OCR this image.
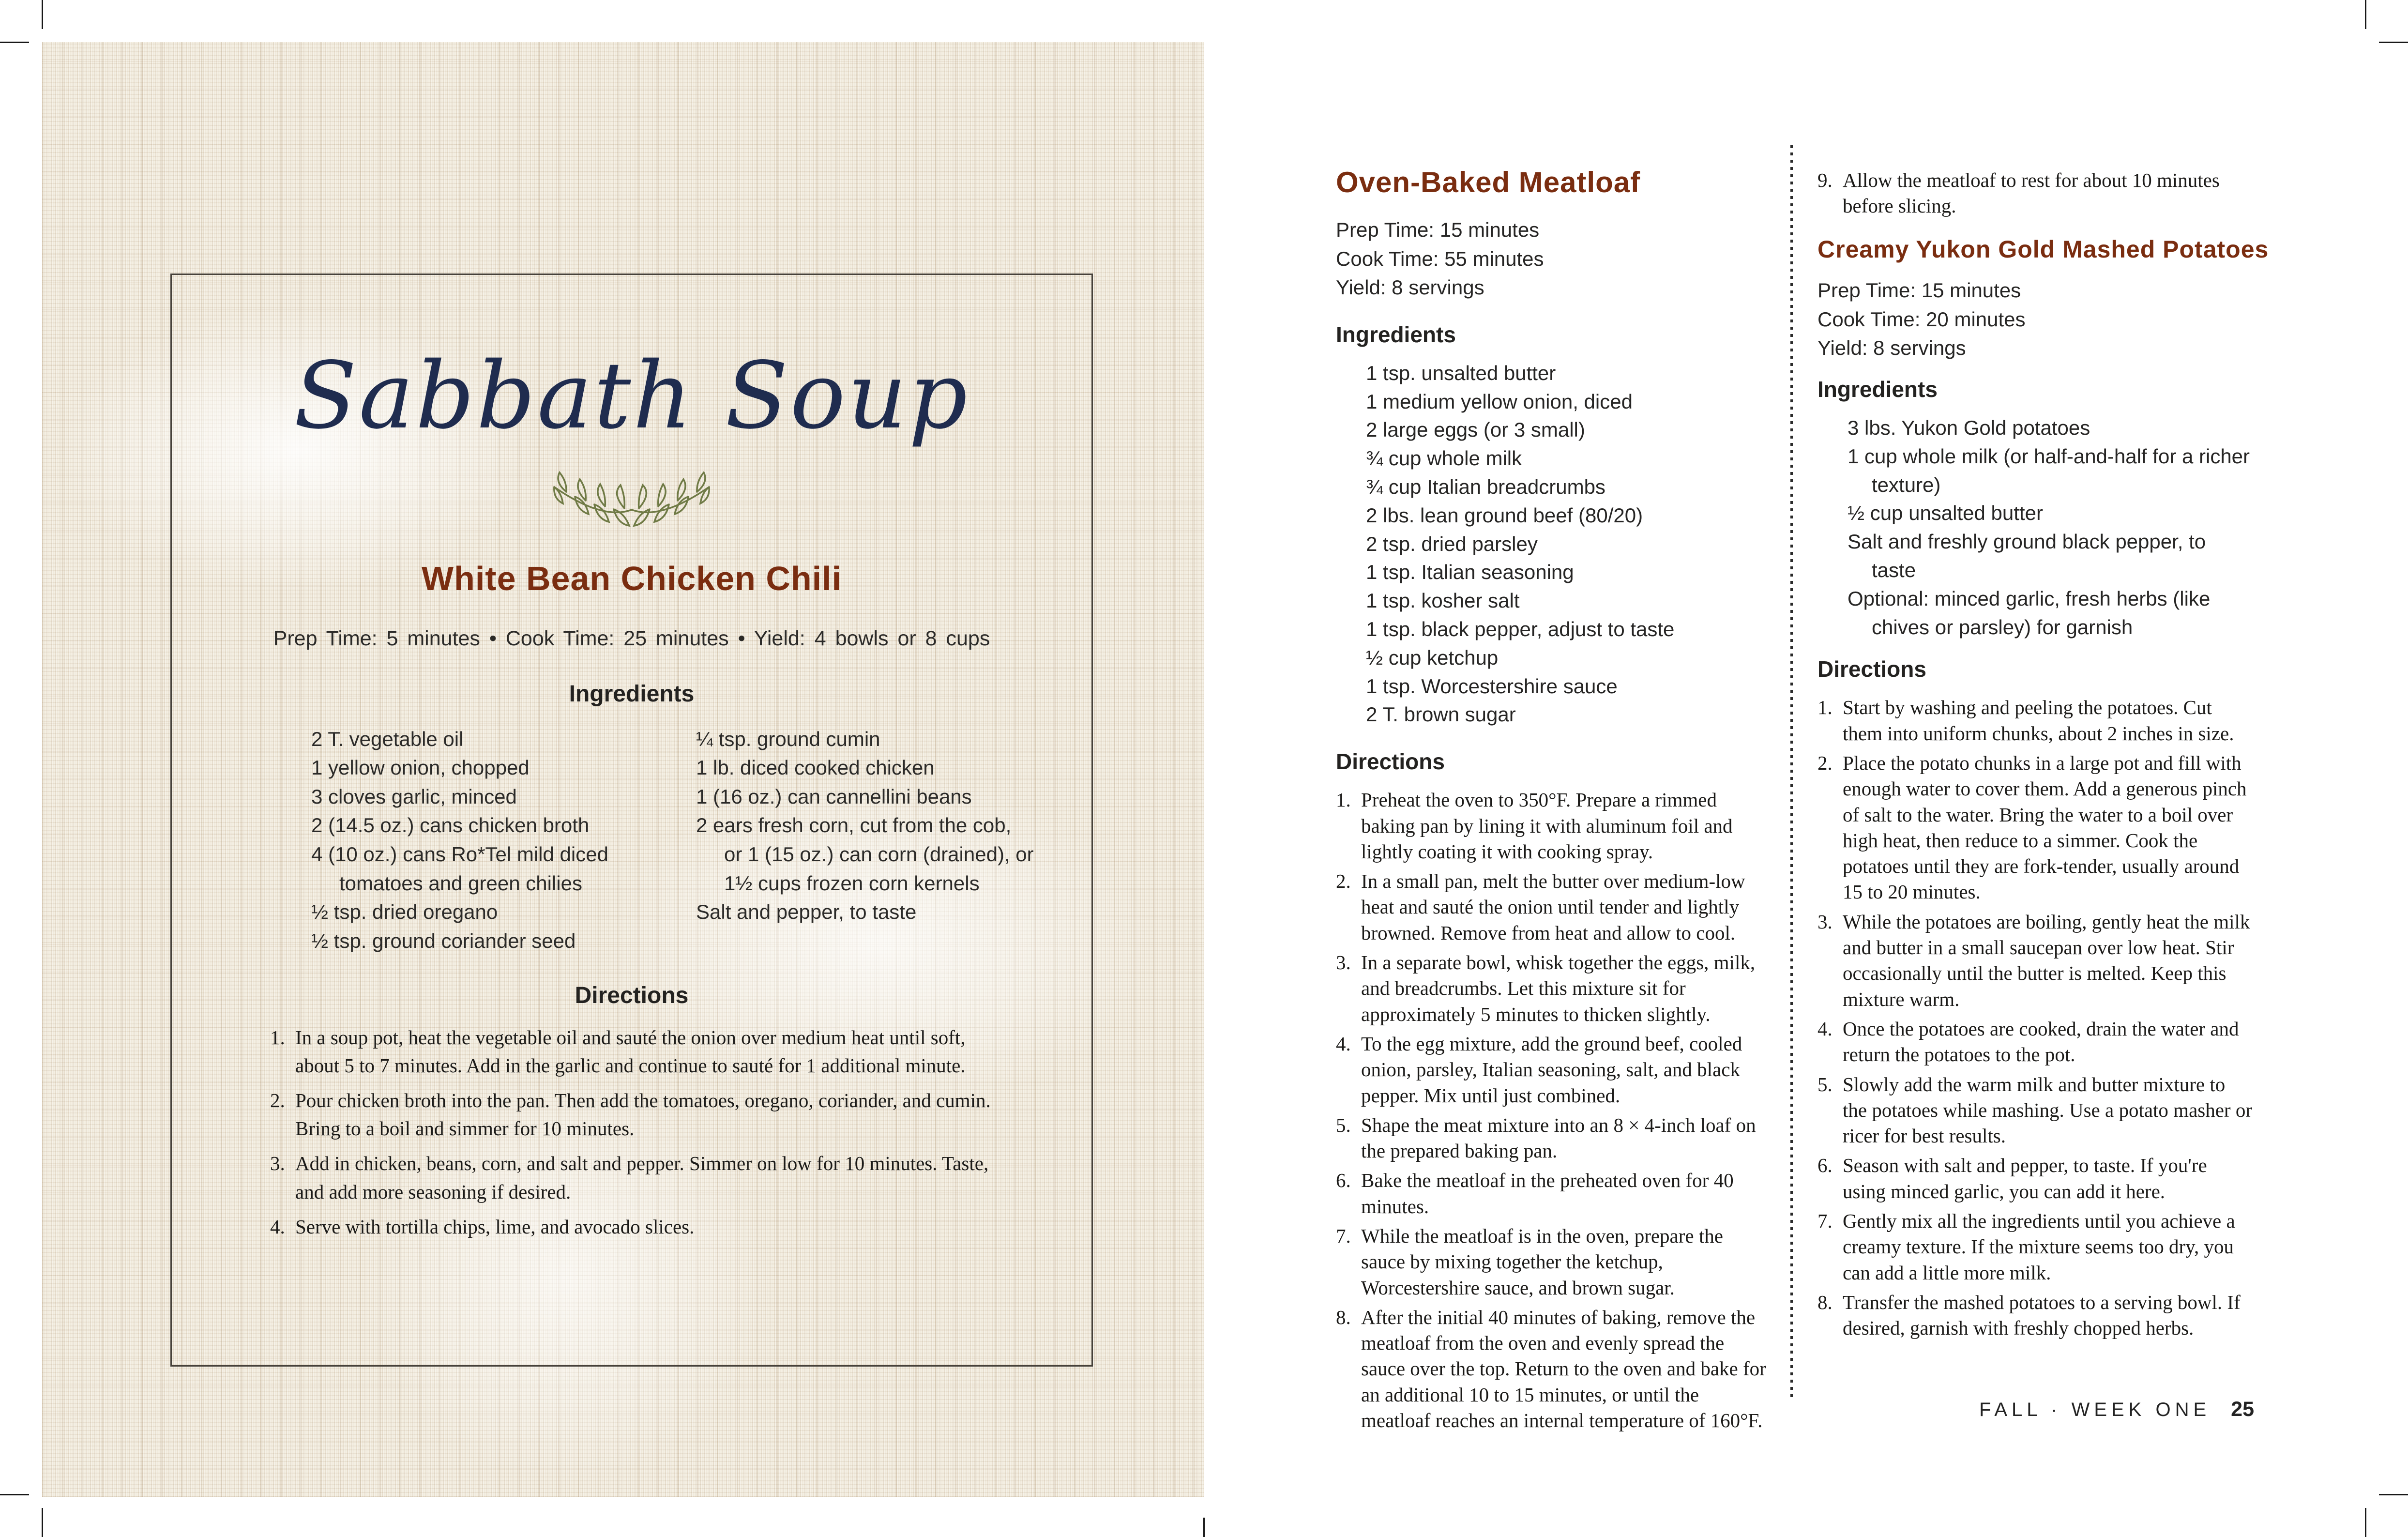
Sabbath Soup
White Bean Chicken Chili
Prep Time: 5 minutes • Cook Time: 25 minutes • Yield: 4 bowls or 8 cups
Ingredients
2 T. vegetable oil
1 yellow onion, chopped
3 cloves garlic, minced
2 (14.5 oz.) cans chicken broth
4 (10 oz.) cans Ro*Tel mild diced tomatoes and green chilies
½ tsp. dried oregano
½ tsp. ground coriander seed
¼ tsp. ground cumin
1 lb. diced cooked chicken
1 (16 oz.) can cannellini beans
2 ears fresh corn, cut from the cob, or 1 (15 oz.) can corn (drained), or 1½ cups frozen corn kernels
Salt and pepper, to taste
Directions
1. In a soup pot, heat the vegetable oil and sauté the onion over medium heat until soft, about 5 to 7 minutes. Add in the garlic and continue to sauté for 1 additional minute.
2. Pour chicken broth into the pan. Then add the tomatoes, oregano, coriander, and cumin. Bring to a boil and simmer for 10 minutes.
3. Add in chicken, beans, corn, and salt and pepper. Simmer on low for 10 minutes. Taste, and add more seasoning if desired.
4. Serve with tortilla chips, lime, and avocado slices.
Oven-Baked Meatloaf
Prep Time: 15 minutes
Cook Time: 55 minutes
Yield: 8 servings
Ingredients
1 tsp. unsalted butter
1 medium yellow onion, diced
2 large eggs (or 3 small)
¾ cup whole milk
¾ cup Italian breadcrumbs
2 lbs. lean ground beef (80/20)
2 tsp. dried parsley
1 tsp. Italian seasoning
1 tsp. kosher salt
1 tsp. black pepper, adjust to taste
½ cup ketchup
1 tsp. Worcestershire sauce
2 T. brown sugar
Directions
1. Preheat the oven to 350°F. Prepare a rimmed baking pan by lining it with aluminum foil and lightly coating it with cooking spray.
2. In a small pan, melt the butter over medium-low heat and sauté the onion until tender and lightly browned. Remove from heat and allow to cool.
3. In a separate bowl, whisk together the eggs, milk, and breadcrumbs. Let this mixture sit for approximately 5 minutes to thicken slightly.
4. To the egg mixture, add the ground beef, cooled onion, parsley, Italian seasoning, salt, and black pepper. Mix until just combined.
5. Shape the meat mixture into an 8 × 4-inch loaf on the prepared baking pan.
6. Bake the meatloaf in the preheated oven for 40 minutes.
7. While the meatloaf is in the oven, prepare the sauce by mixing together the ketchup, Worcestershire sauce, and brown sugar.
8. After the initial 40 minutes of baking, remove the meatloaf from the oven and evenly spread the sauce over the top. Return to the oven and bake for an additional 10 to 15 minutes, or until the meatloaf reaches an internal temperature of 160°F.
9. Allow the meatloaf to rest for about 10 minutes before slicing.
Creamy Yukon Gold Mashed Potatoes
Prep Time: 15 minutes
Cook Time: 20 minutes
Yield: 8 servings
Ingredients
3 lbs. Yukon Gold potatoes
1 cup whole milk (or half-and-half for a richer texture)
½ cup unsalted butter
Salt and freshly ground black pepper, to taste
Optional: minced garlic, fresh herbs (like chives or parsley) for garnish
Directions
1. Start by washing and peeling the potatoes. Cut them into uniform chunks, about 2 inches in size.
2. Place the potato chunks in a large pot and fill with enough water to cover them. Add a generous pinch of salt to the water. Bring the water to a boil over high heat, then reduce to a simmer. Cook the potatoes until they are fork-tender, usually around 15 to 20 minutes.
3. While the potatoes are boiling, gently heat the milk and butter in a small saucepan over low heat. Stir occasionally until the butter is melted. Keep this mixture warm.
4. Once the potatoes are cooked, drain the water and return the potatoes to the pot.
5. Slowly add the warm milk and butter mixture to the potatoes while mashing. Use a potato masher or ricer for best results.
6. Season with salt and pepper, to taste. If you're using minced garlic, you can add it here.
7. Gently mix all the ingredients until you achieve a creamy texture. If the mixture seems too dry, you can add a little more milk.
8. Transfer the mashed potatoes to a serving bowl. If desired, garnish with freshly chopped herbs.
FALL · WEEK ONE 25
